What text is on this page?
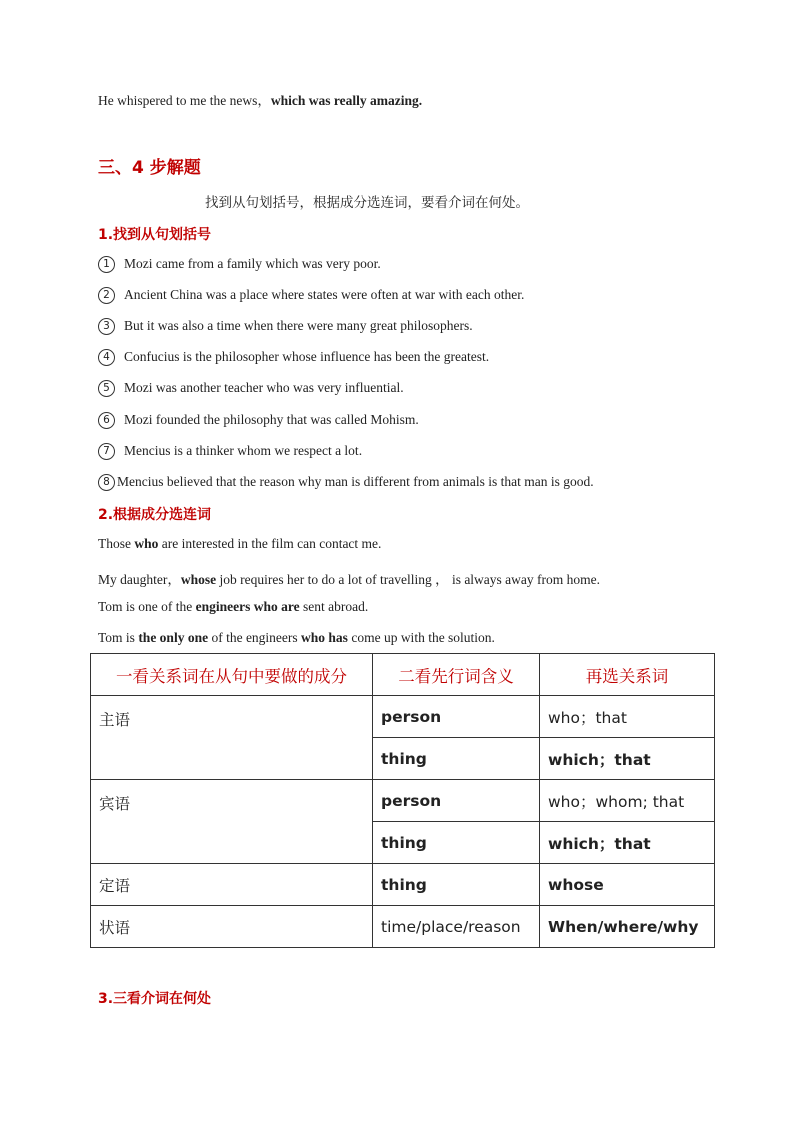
He whispered to me the news，which was really amazing.
三、4 步解题
找到从句划括号，根据成分选连词，要看介词在何处。
1.找到从句划括号
1 Mozi came from a family which was very poor.
2 Ancient China was a place where states were often at war with each other.
3 But it was also a time when there were many great philosophers.
4 Confucius is the philosopher whose influence has been the greatest.
5 Mozi was another teacher who was very influential.
6 Mozi founded the philosophy that was called Mohism.
7 Mencius is a thinker whom we respect a lot.
8 Mencius believed that the reason why man is different from animals is that man is good.
2.根据成分选连词
Those who are interested in the film can contact me.
My daughter，whose job requires her to do a lot of travelling ， is always away from home.
Tom is one of the engineers who are sent abroad.
Tom is the only one of the engineers who has come up with the solution.
一看关系词在从句中要做的成分	二看先行词含义	再选关系词
主语	person	who；that
	thing	which；that
宾语	person	who；whom; that
	thing	which；that
定语	thing	whose
状语	time/place/reason	When/where/why
3.三看介词在何处
